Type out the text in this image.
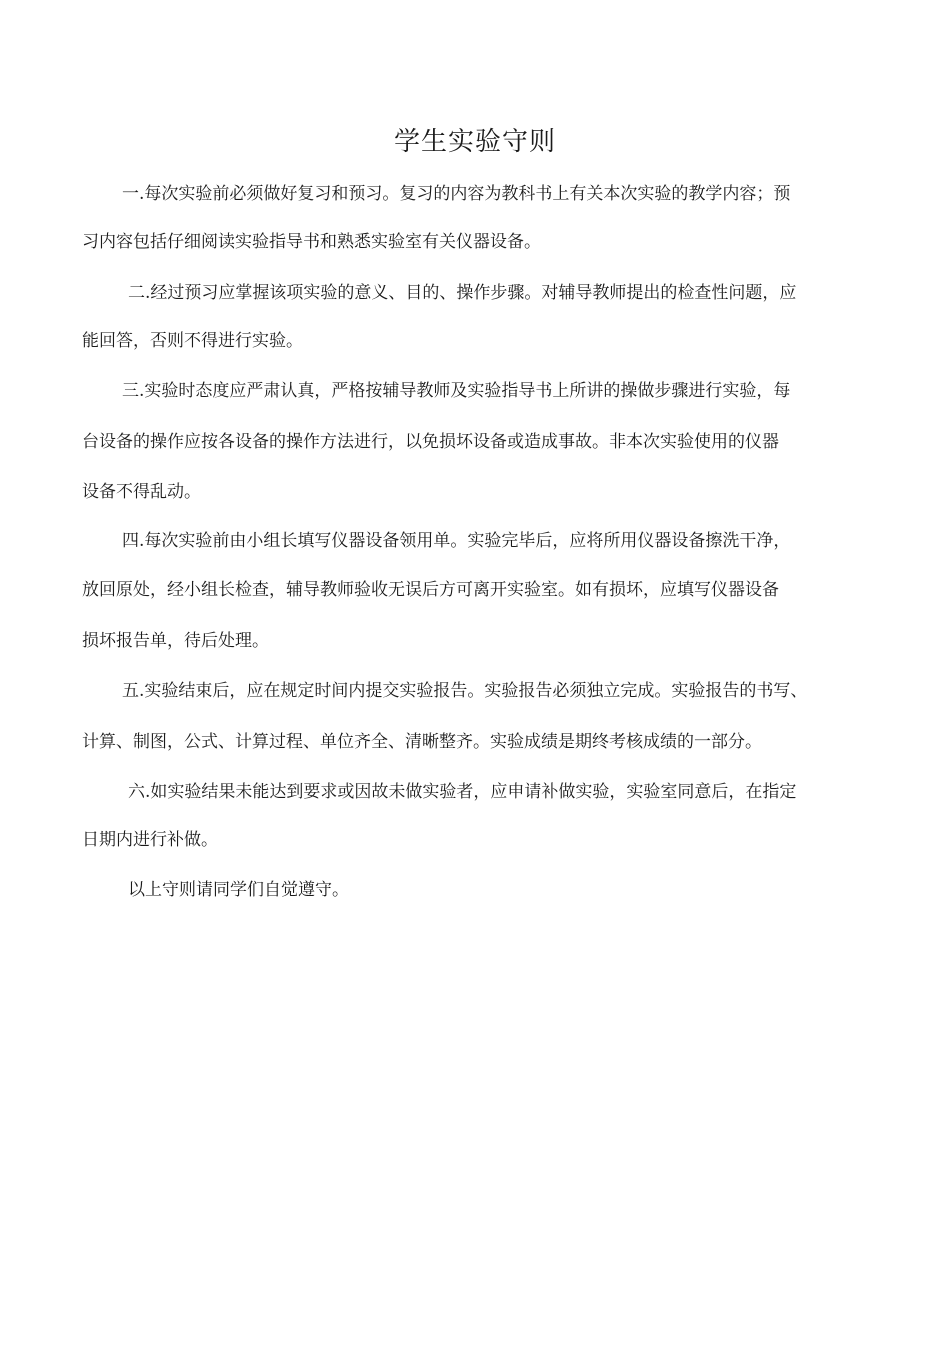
学生实验守则

一.每次实验前必须做好复习和预习。复习的内容为教科书上有关本次实验的教学内容；预

习内容包括仔细阅读实验指导书和熟悉实验室有关仪器设备。

二.经过预习应掌握该项实验的意义、目的、操作步骤。对辅导教师提出的检查性问题，应

能回答，否则不得进行实验。

三.实验时态度应严肃认真，严格按辅导教师及实验指导书上所讲的操做步骤进行实验，每

台设备的操作应按各设备的操作方法进行，以免损坏设备或造成事故。非本次实验使用的仪器

设备不得乱动。

四.每次实验前由小组长填写仪器设备领用单。实验完毕后，应将所用仪器设备擦洗干净，

放回原处，经小组长检查，辅导教师验收无误后方可离开实验室。如有损坏，应填写仪器设备

损坏报告单，待后处理。

五.实验结束后，应在规定时间内提交实验报告。实验报告必须独立完成。实验报告的书写、

计算、制图，公式、计算过程、单位齐全、清晰整齐。实验成绩是期终考核成绩的一部分。

六.如实验结果未能达到要求或因故未做实验者，应申请补做实验，实验室同意后，在指定

日期内进行补做。

以上守则请同学们自觉遵守。
